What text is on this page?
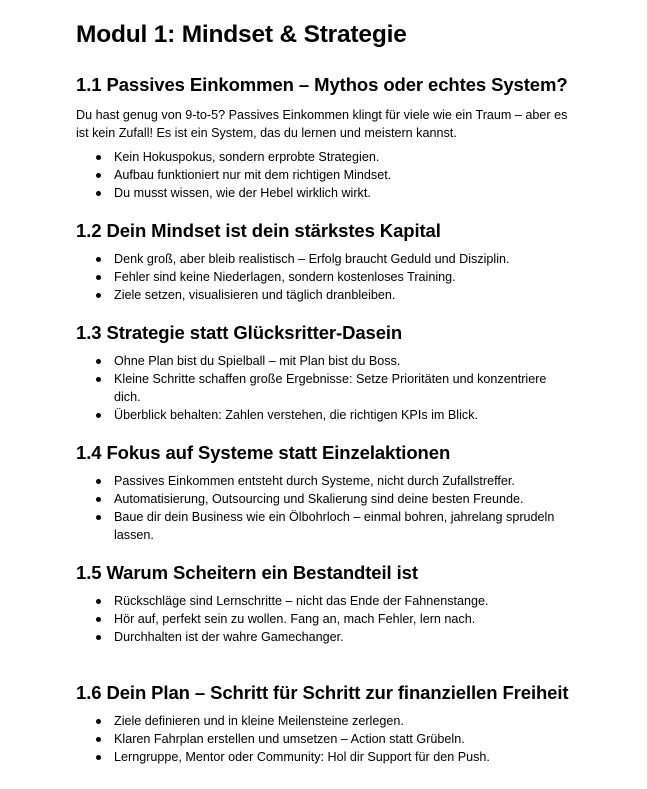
Modul 1: Mindset & Strategie
1.1 Passives Einkommen – Mythos oder echtes System?

Du hast genug von 9-to-5? Passives Einkommen klingt für viele wie ein Traum – aber es ist kein Zufall! Es ist ein System, das du lernen und meistern kannst.

Kein Hokuspokus, sondern erprobte Strategien.
Aufbau funktioniert nur mit dem richtigen Mindset.
Du musst wissen, wie der Hebel wirklich wirkt.
1.2 Dein Mindset ist dein stärkstes Kapital
Denk groß, aber bleib realistisch – Erfolg braucht Geduld und Disziplin.
Fehler sind keine Niederlagen, sondern kostenloses Training.
Ziele setzen, visualisieren und täglich dranbleiben.
1.3 Strategie statt Glücksritter-Dasein
Ohne Plan bist du Spielball – mit Plan bist du Boss.
Kleine Schritte schaffen große Ergebnisse: Setze Prioritäten und konzentriere dich.
Überblick behalten: Zahlen verstehen, die richtigen KPIs im Blick.
1.4 Fokus auf Systeme statt Einzelaktionen
Passives Einkommen entsteht durch Systeme, nicht durch Zufallstreffer.
Automatisierung, Outsourcing und Skalierung sind deine besten Freunde.
Baue dir dein Business wie ein Ölbohrloch – einmal bohren, jahrelang sprudeln lassen.
1.5 Warum Scheitern ein Bestandteil ist
Rückschläge sind Lernschritte – nicht das Ende der Fahnenstange.
Hör auf, perfekt sein zu wollen. Fang an, mach Fehler, lern nach.
Durchhalten ist der wahre Gamechanger.
1.6 Dein Plan – Schritt für Schritt zur finanziellen Freiheit
Ziele definieren und in kleine Meilensteine zerlegen.
Klaren Fahrplan erstellen und umsetzen – Action statt Grübeln.
Lerngruppe, Mentor oder Community: Hol dir Support für den Push.
